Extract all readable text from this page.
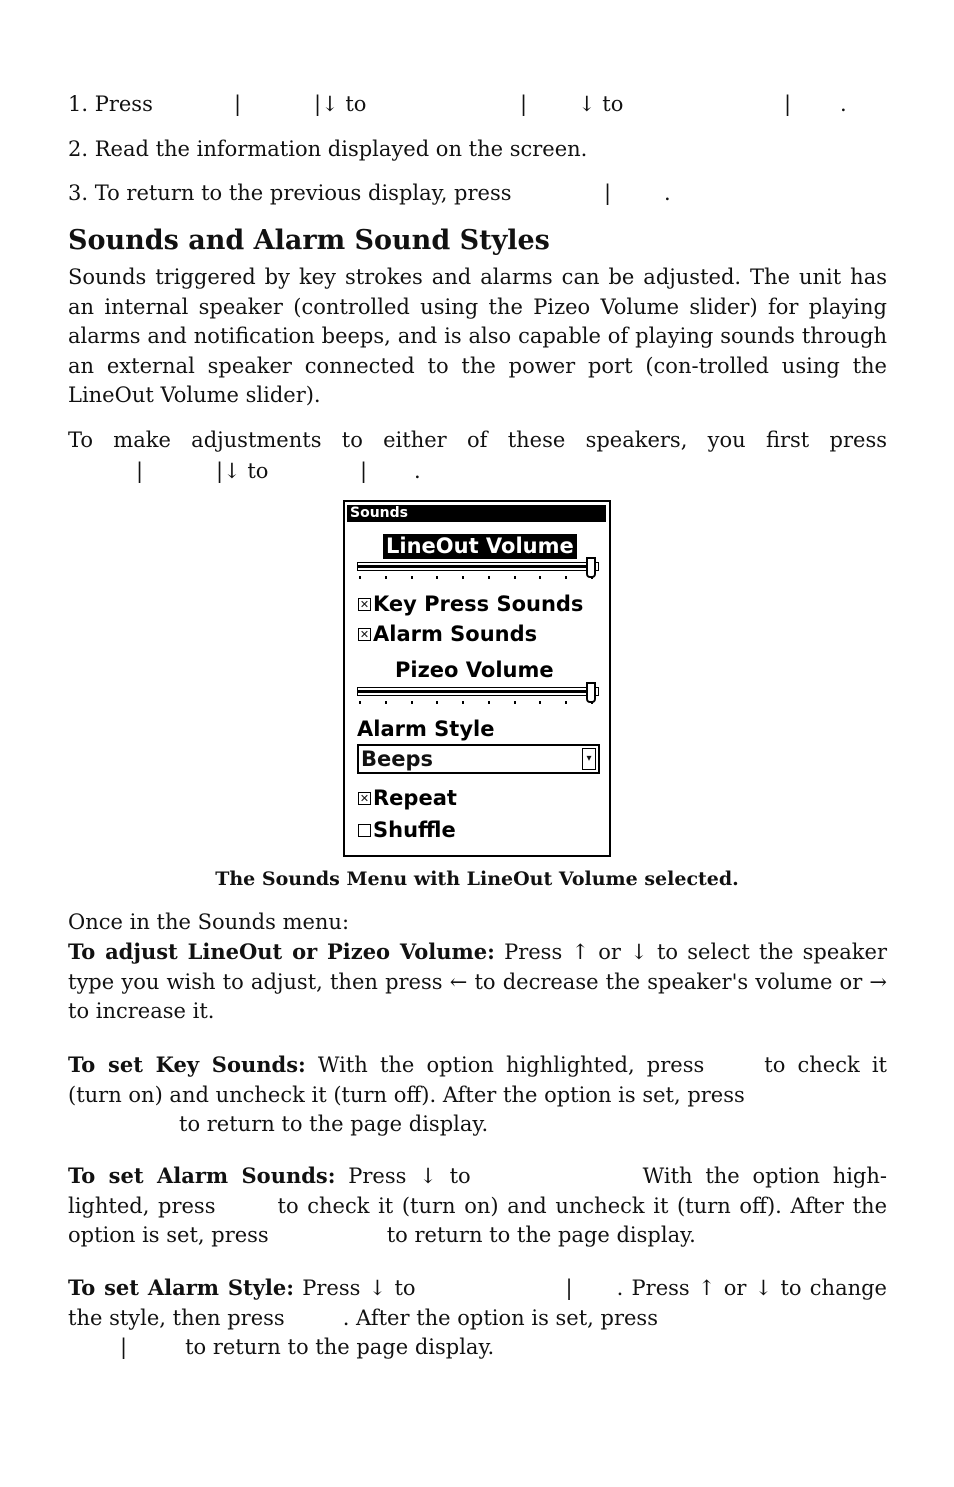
1. Press

	|

	|↓ to

	|

↓ to

	|

.

2. Read the information displayed on the screen.

3. To return to the previous display, press

	|

	.

Sounds and Alarm Sound Styles
Sounds triggered by key strokes and alarms can be adjusted. The unit has an internal speaker (controlled using the Pizeo Volume slider) for playing alarms and notification beeps, and is also capable of playing sounds through an external speaker connected to the power port (con-trolled using the LineOut Volume slider).
To make adjustments to either of these speakers, you first press

|

	|↓ to

	|

.

Sounds
LineOut Volume
✕ Key Press Sounds
✕ Alarm Sounds
Pizeo Volume
Alarm Style
Beeps	▾
✕ Repeat
Shuffle
The Sounds Menu with LineOut Volume selected.
Once in the Sounds menu:
To adjust LineOut or Pizeo Volume: Press ↑ or ↓ to select the speaker type you wish to adjust, then press ← to decrease the speaker's volume or → to increase it.
To set Key Sounds: With the option highlighted, press	to check it (turn on) and uncheck it (turn off). After the option is set, press
to return to the page display.
To set Alarm Sounds: Press ↓ to	With the option high-lighted, press	to check it (turn on) and uncheck it (turn off). After the option is set, press	to return to the page display.
To set Alarm Style: Press ↓ to	| . Press ↑ or ↓ to change the style, then press	. After the option is set, press
|	to return to the page display.
